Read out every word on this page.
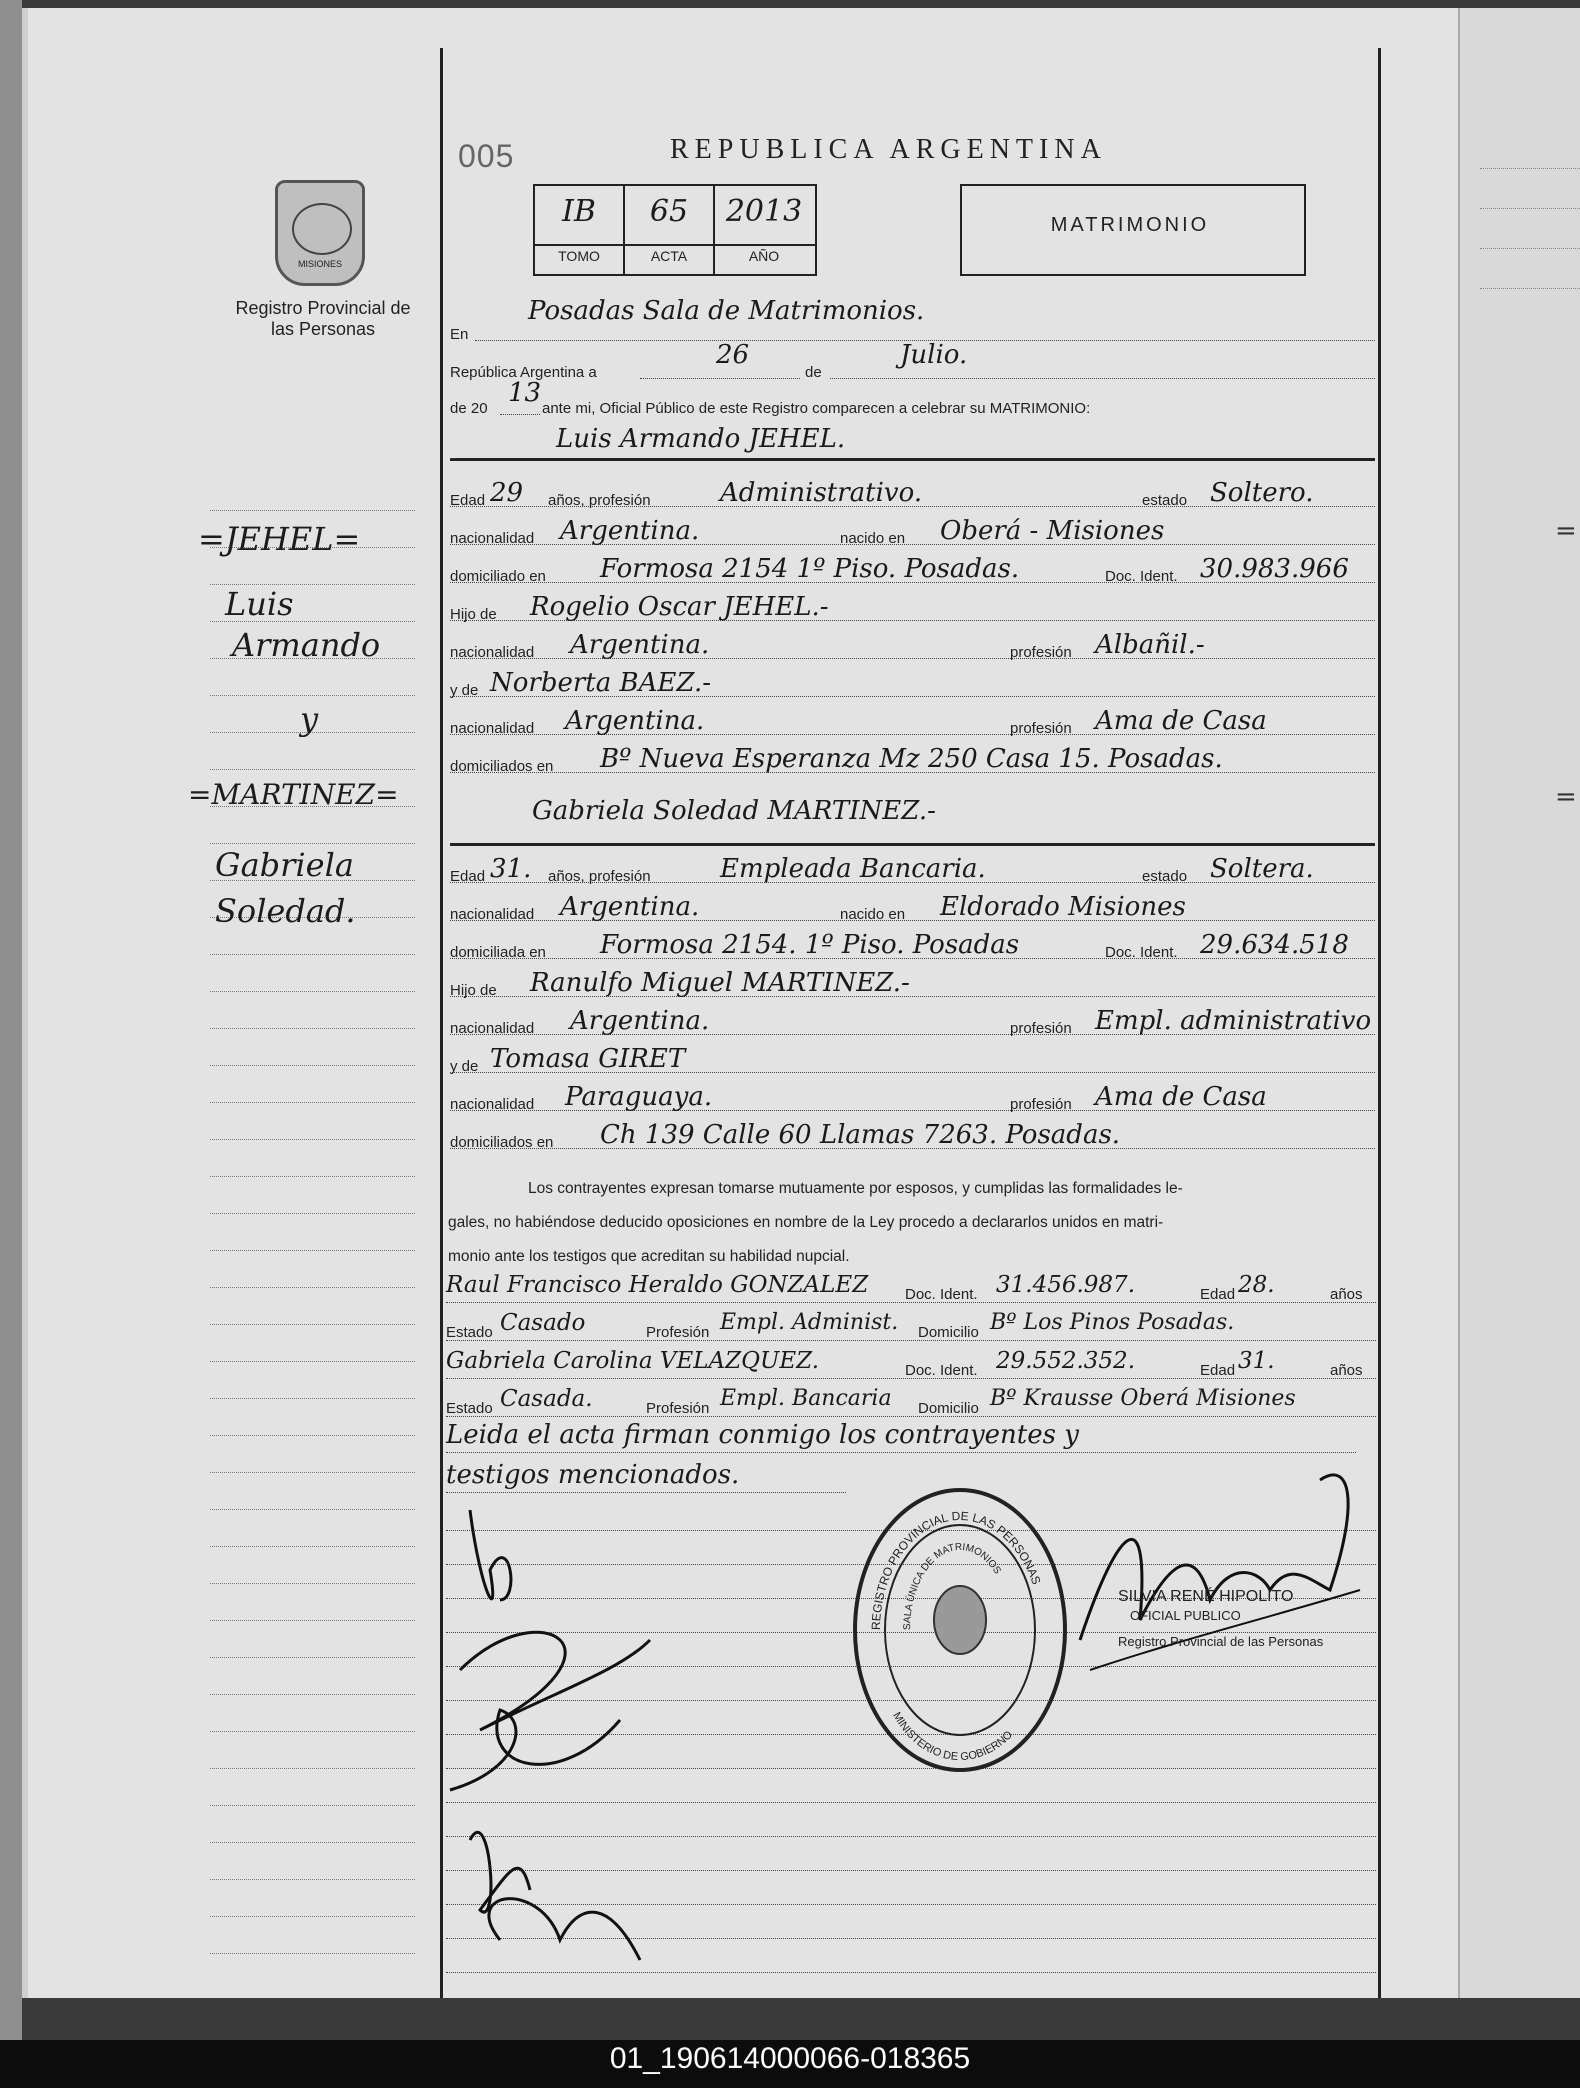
=
=
MISIONES
Registro Provincial de las Personas
=JEHEL=
Luis
Armando
y
=MARTINEZ=
Gabriela
Soledad.
005	REPUBLICA ARGENTINA
IB	65	2013
TOMO	ACTA	AÑO
MATRIMONIO
En
Posadas Sala de Matrimonios.
República Argentina a
26
de
Julio.
de 20
13
ante mi, Oficial Público de este Registro comparecen a celebrar su MATRIMONIO:
Luis Armando JEHEL.
Edad 29 años, profesión	Administrativo.	estado Soltero.
nacionalidad Argentina.	nacido en Oberá - Misiones
domiciliado en Formosa 2154 1º Piso. Posadas.	Doc. Ident. 30.983.966
Hijo de Rogelio Oscar JEHEL.-
nacionalidad Argentina.	profesión Albañil.-
y de Norberta BAEZ.-
nacionalidad Argentina.	profesión Ama de Casa
domiciliados en Bº Nueva Esperanza Mz 250 Casa 15. Posadas.
Gabriela Soledad MARTINEZ.-
Edad 31. años, profesión	Empleada Bancaria.	estado Soltera.
nacionalidad Argentina.	nacido en Eldorado Misiones
domiciliada en Formosa 2154. 1º Piso. Posadas	Doc. Ident. 29.634.518
Hijo de Ranulfo Miguel MARTINEZ.-
nacionalidad Argentina.	profesión Empl. administrativo
y de Tomasa GIRET
nacionalidad Paraguaya.	profesión Ama de Casa
domiciliados en Ch 139 Calle 60 Llamas 7263. Posadas.
Los contrayentes expresan tomarse mutuamente por esposos, y cumplidas las formalidades le-
gales, no habiéndose deducido oposiciones en nombre de la Ley procedo a declararlos unidos en matri-
monio ante los testigos que acreditan su habilidad nupcial.
Raul Francisco Heraldo GONZALEZ Doc. Ident. 31.456.987.	Edad 28.	años
Estado Casado	Profesión Empl. Administ. Domicilio Bº Los Pinos Posadas.
Gabriela Carolina VELAZQUEZ.	Doc. Ident. 29.552.352.	Edad 31.	años
Estado Casada.	Profesión Empl. Bancaria Domicilio Bº Krausse Oberá Misiones
Leida el acta firman conmigo los contrayentes y
testigos mencionados.
REGISTRO PROVINCIAL DE LAS PERSONAS
SALA ÚNICA DE MATRIMONIOS
MINISTERIO DE GOBIERNO
SILVIA RENÉ HIPOLITO
OFICIAL PUBLICO
Registro Provincial de las Personas
01_190614000066-018365
